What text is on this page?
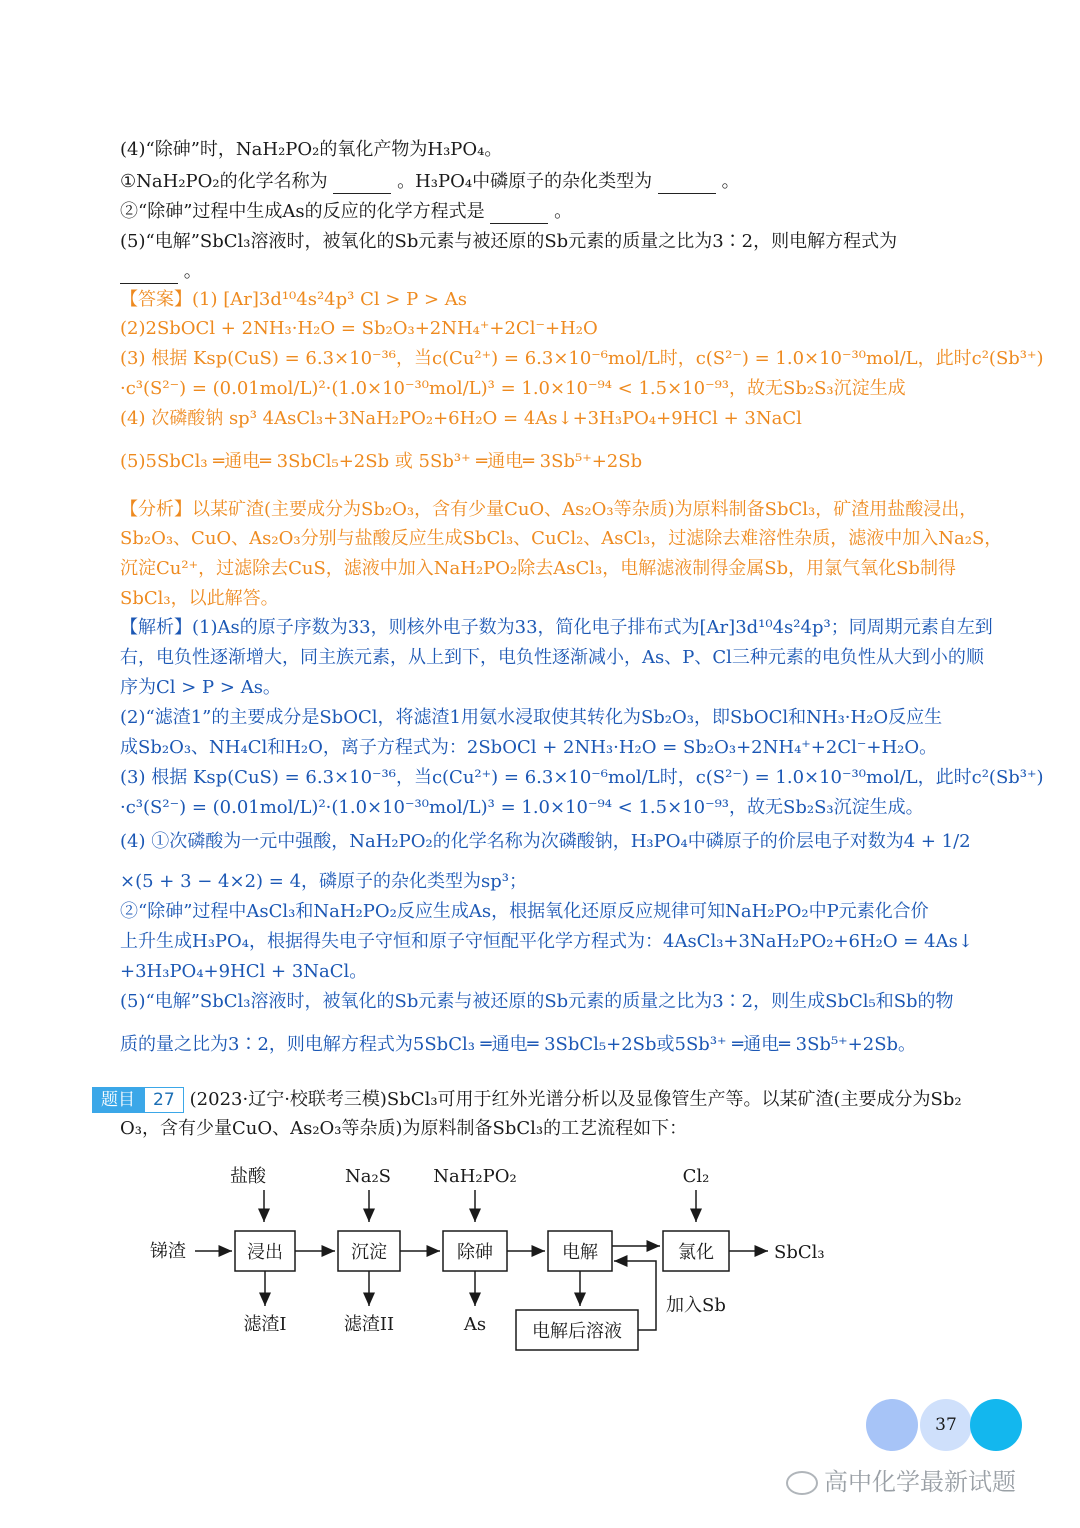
(4)“除砷”时，NaH₂PO₂的氧化产物为H₃PO₄。
①NaH₂PO₂的化学名称为	。H₃PO₄中磷原子的杂化类型为	。
②“除砷”过程中生成As的反应的化学方程式是	。
(5)“电解”SbCl₃溶液时，被氧化的Sb元素与被还原的Sb元素的质量之比为3∶2，则电解方程式为
。
【答案】(1) [Ar]3d¹⁰4s²4p³ Cl > P > As
(2)2SbOCl + 2NH₃·H₂O = Sb₂O₃+2NH₄⁺+2Cl⁻+H₂O
(3) 根据 Ksp(CuS) = 6.3×10⁻³⁶，当c(Cu²⁺) = 6.3×10⁻⁶mol/L时，c(S²⁻) = 1.0×10⁻³⁰mol/L，此时c²(Sb³⁺)
·c³(S²⁻) = (0.01mol/L)²·(1.0×10⁻³⁰mol/L)³ = 1.0×10⁻⁹⁴ < 1.5×10⁻⁹³，故无Sb₂S₃沉淀生成
(4) 次磷酸钠 sp³ 4AsCl₃+3NaH₂PO₂+6H₂O = 4As↓+3H₃PO₄+9HCl + 3NaCl
(5)5SbCl₃ ═通电═ 3SbCl₅+2Sb 或 5Sb³⁺ ═通电═ 3Sb⁵⁺+2Sb
【分析】以某矿渣(主要成分为Sb₂O₃，含有少量CuO、As₂O₃等杂质)为原料制备SbCl₃，矿渣用盐酸浸出，
Sb₂O₃、CuO、As₂O₃分别与盐酸反应生成SbCl₃、CuCl₂、AsCl₃，过滤除去难溶性杂质，滤液中加入Na₂S，
沉淀Cu²⁺，过滤除去CuS，滤液中加入NaH₂PO₂除去AsCl₃，电解滤液制得金属Sb，用氯气氧化Sb制得
SbCl₃，以此解答。
【解析】(1)As的原子序数为33，则核外电子数为33，简化电子排布式为[Ar]3d¹⁰4s²4p³；同周期元素自左到
右，电负性逐渐增大，同主族元素，从上到下，电负性逐渐减小，As、P、Cl三种元素的电负性从大到小的顺
序为Cl > P > As。
(2)“滤渣1”的主要成分是SbOCl，将滤渣1用氨水浸取使其转化为Sb₂O₃，即SbOCl和NH₃·H₂O反应生
成Sb₂O₃、NH₄Cl和H₂O，离子方程式为：2SbOCl + 2NH₃·H₂O = Sb₂O₃+2NH₄⁺+2Cl⁻+H₂O。
(3) 根据 Ksp(CuS) = 6.3×10⁻³⁶，当c(Cu²⁺) = 6.3×10⁻⁶mol/L时，c(S²⁻) = 1.0×10⁻³⁰mol/L，此时c²(Sb³⁺)
·c³(S²⁻) = (0.01mol/L)²·(1.0×10⁻³⁰mol/L)³ = 1.0×10⁻⁹⁴ < 1.5×10⁻⁹³，故无Sb₂S₃沉淀生成。
(4) ①次磷酸为一元中强酸，NaH₂PO₂的化学名称为次磷酸钠，H₃PO₄中磷原子的价层电子对数为4 + 1/2
×(5 + 3 − 4×2) = 4，磷原子的杂化类型为sp³；
②“除砷”过程中AsCl₃和NaH₂PO₂反应生成As，根据氧化还原反应规律可知NaH₂PO₂中P元素化合价
上升生成H₃PO₄，根据得失电子守恒和原子守恒配平化学方程式为：4AsCl₃+3NaH₂PO₂+6H₂O = 4As↓
+3H₃PO₄+9HCl + 3NaCl。
(5)“电解”SbCl₃溶液时，被氧化的Sb元素与被还原的Sb元素的质量之比为3∶2，则生成SbCl₅和Sb的物
质的量之比为3∶2，则电解方程式为5SbCl₃ ═通电═ 3SbCl₅+2Sb或5Sb³⁺ ═通电═ 3Sb⁵⁺+2Sb。
题目 27 (2023·辽宁·校联考三模)SbCl₃可用于红外光谱分析以及显像管生产等。以某矿渣(主要成分为Sb₂
O₃，含有少量CuO、As₂O₃等杂质)为原料制备SbCl₃的工艺流程如下：
盐酸	Na₂S NaH₂PO₂	Cl₂
锑渣	浸出	沉淀	除砷	电解	氯化	SbCl₃
滤渣I	滤渣II	As	电解后溶液
加入Sb
37
高中化学最新试题
